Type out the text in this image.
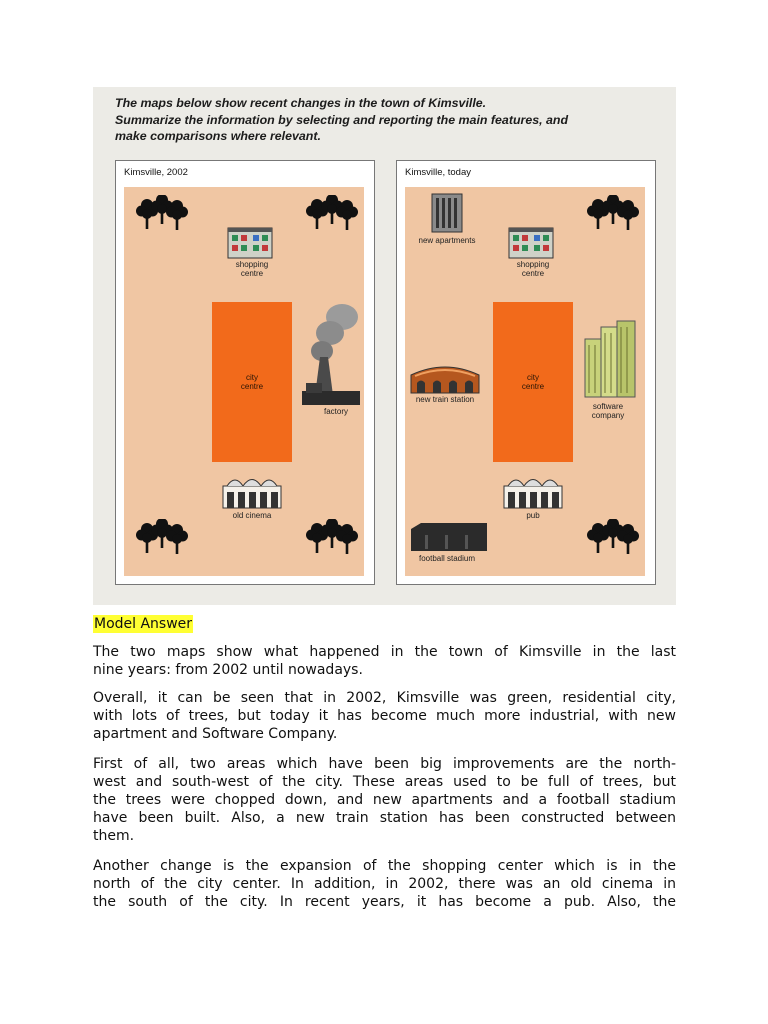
The maps below show recent changes in the town of Kimsville.
Summarize the information by selecting and reporting the main features, and
make comparisons where relevant.
Kimsville, 2002
shopping
centre
city
centre
factory
old cinema
Kimsville, today
new apartments
shopping
centre
city
centre
new train station
software
company
pub
football stadium
Model Answer
The two maps show what happened in the town of Kimsville in the last
nine years: from 2002 until nowadays.
Overall, it can be seen that in 2002, Kimsville was green, residential city,
with lots of trees, but today it has become much more industrial, with new
apartment and Software Company.
First of all, two areas which have been big improvements are the north-
west and south-west of the city. These areas used to be full of trees, but
the trees were chopped down, and new apartments and a football stadium
have been built. Also, a new train station has been constructed between
them.
Another change is the expansion of the shopping center which is in the
north of the city center. In addition, in 2002, there was an old cinema in
the south of the city. In recent years, it has become a pub. Also, the
